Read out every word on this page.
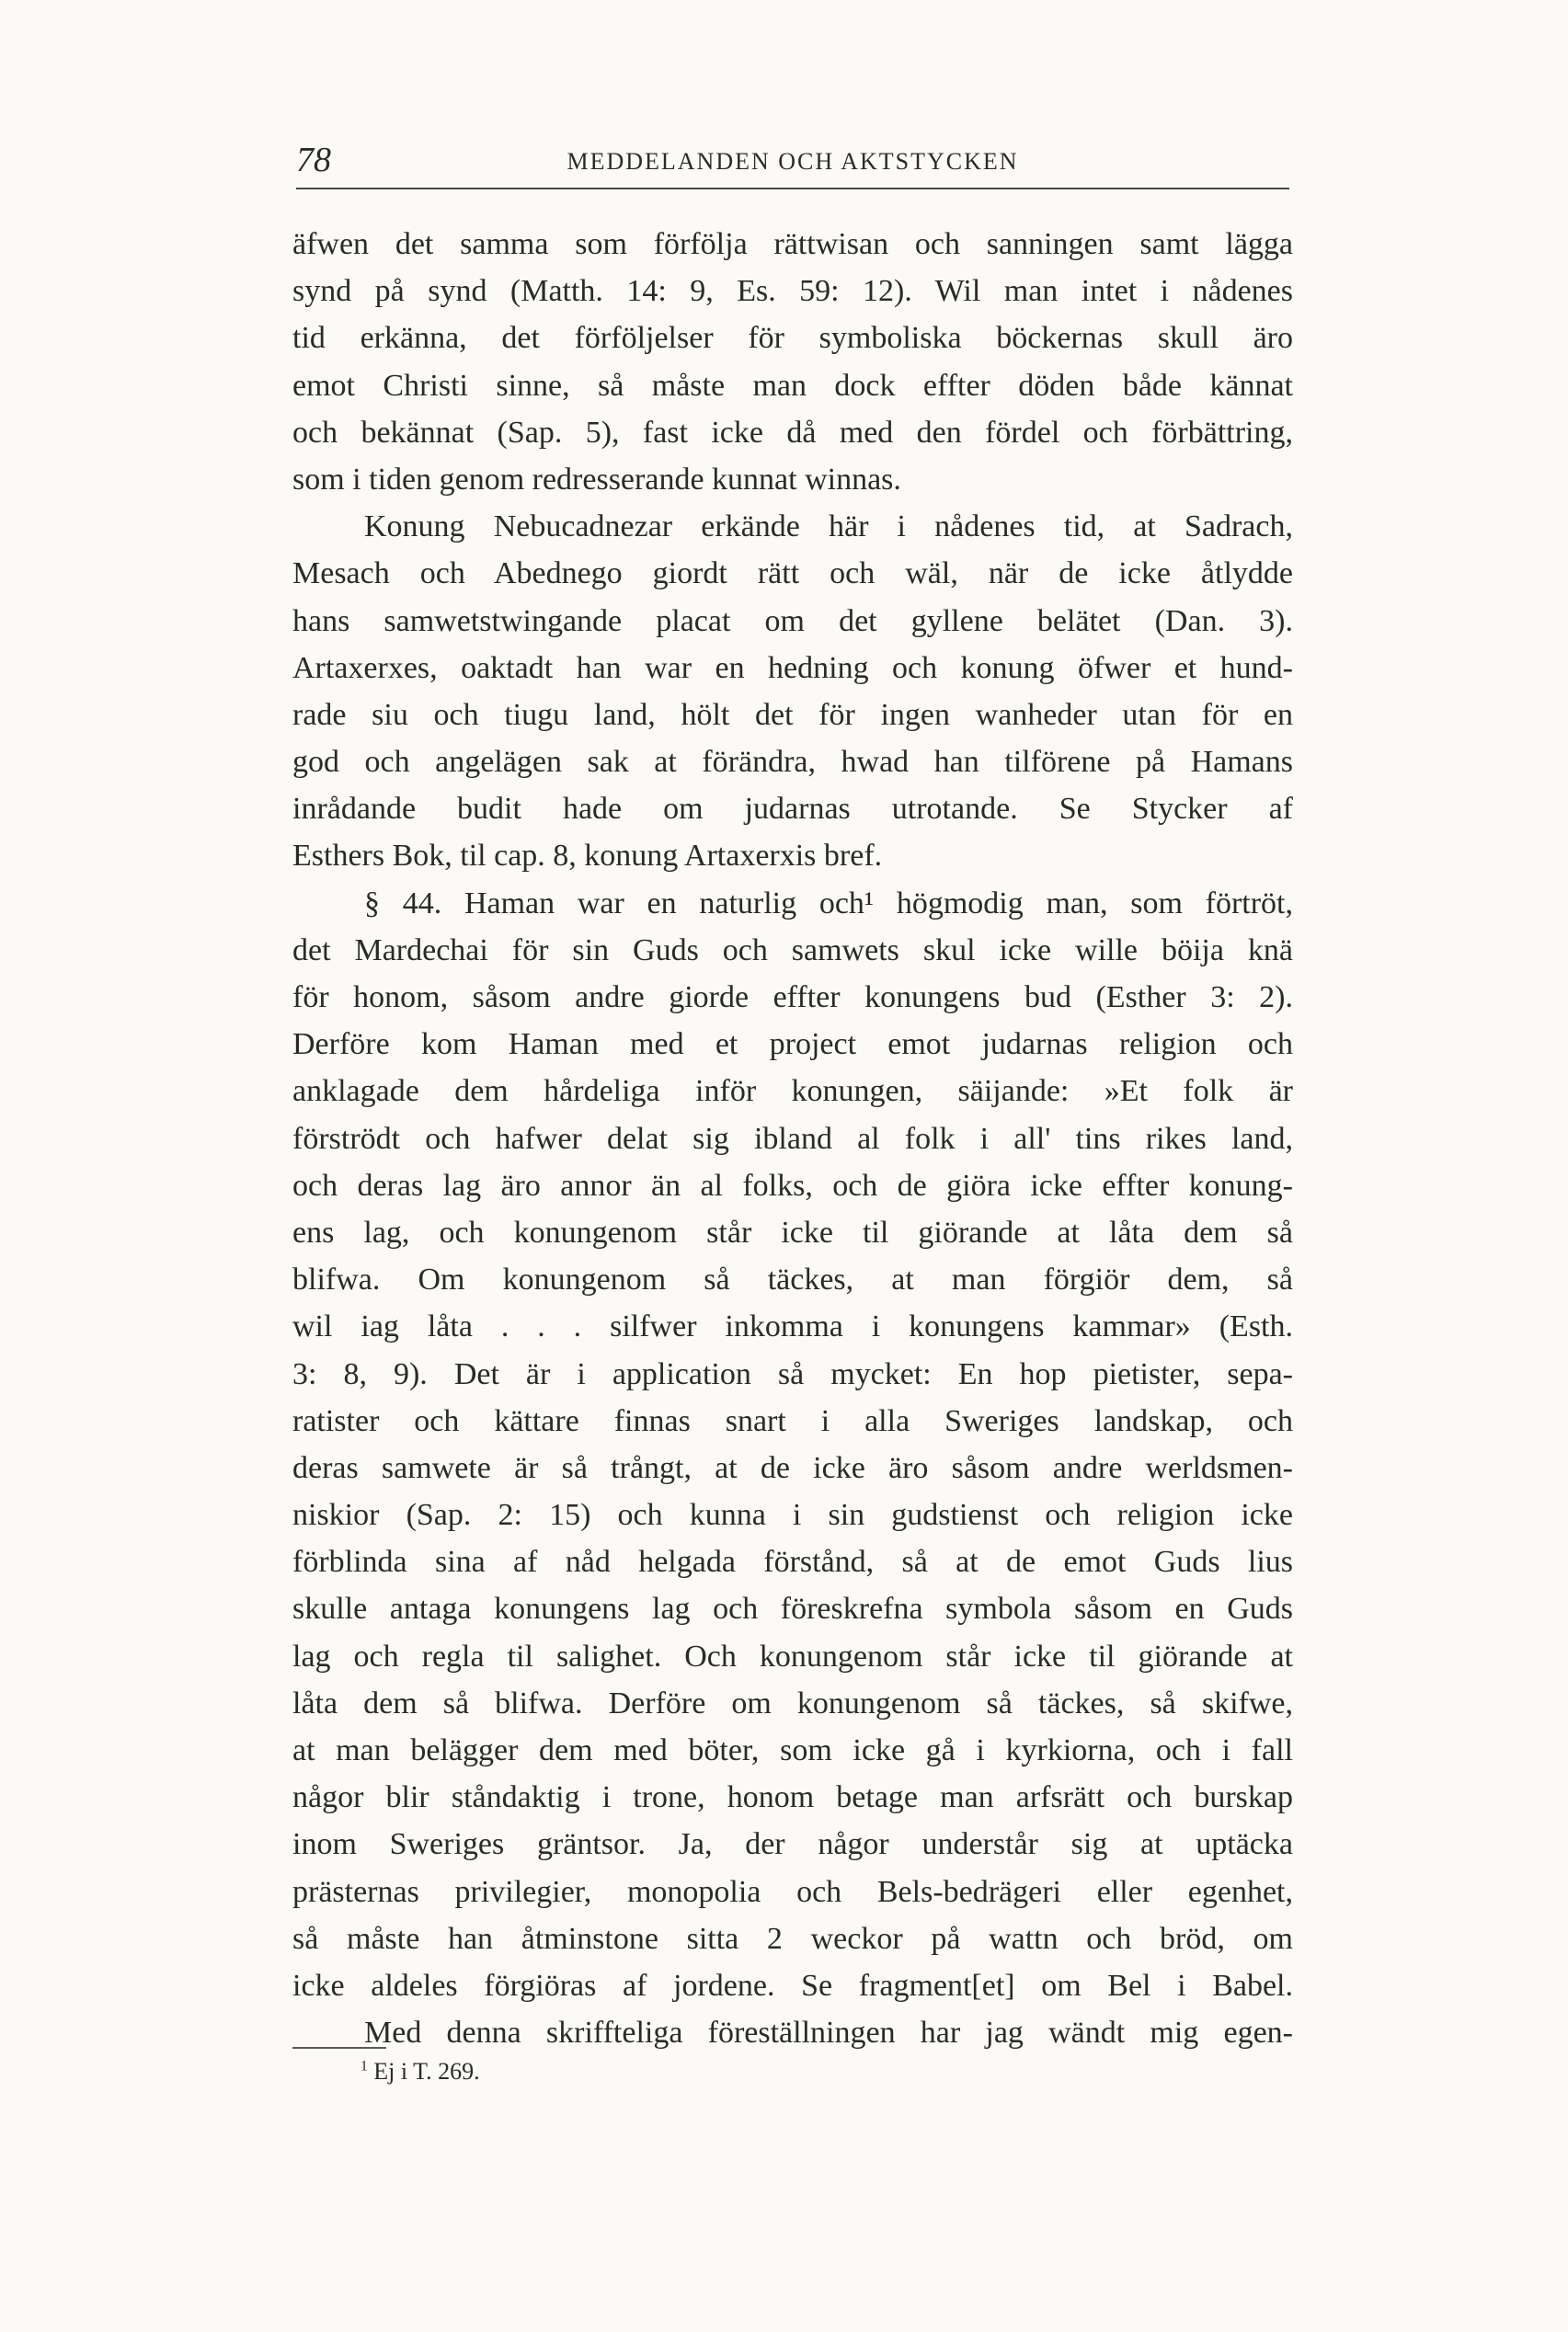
78	MEDDELANDEN OCH AKTSTYCKEN
äfwen det samma som förfölja rättwisan och sanningen samt lägga
synd på synd (Matth. 14: 9, Es. 59: 12). Wil man intet i nådenes
tid erkänna, det förföljelser för symboliska böckernas skull äro
emot Christi sinne, så måste man dock effter döden både kännat
och bekännat (Sap. 5), fast icke då med den fördel och förbättring,
som i tiden genom redresserande kunnat winnas.
Konung Nebucadnezar erkände här i nådenes tid, at Sadrach,
Mesach och Abednego giordt rätt och wäl, när de icke åtlydde
hans samwetstwingande placat om det gyllene belätet (Dan. 3).
Artaxerxes, oaktadt han war en hedning och konung öfwer et hund-
rade siu och tiugu land, hölt det för ingen wanheder utan för en
god och angelägen sak at förändra, hwad han tilförene på Hamans
inrådande budit hade om judarnas utrotande. Se Stycker af
Esthers Bok, til cap. 8, konung Artaxerxis bref.
§ 44. Haman war en naturlig och¹ högmodig man, som förtröt,
det Mardechai för sin Guds och samwets skul icke wille böija knä
för honom, såsom andre giorde effter konungens bud (Esther 3: 2).
Derföre kom Haman med et project emot judarnas religion och
anklagade dem hårdeliga inför konungen, säijande: »Et folk är
förströdt och hafwer delat sig ibland al folk i all' tins rikes land,
och deras lag äro annor än al folks, och de giöra icke effter konung-
ens lag, och konungenom står icke til giörande at låta dem så
blifwa. Om konungenom så täckes, at man förgiör dem, så
wil iag låta . . . silfwer inkomma i konungens kammar» (Esth.
3: 8, 9). Det är i application så mycket: En hop pietister, sepa-
ratister och kättare finnas snart i alla Sweriges landskap, och
deras samwete är så trångt, at de icke äro såsom andre werldsmen-
niskior (Sap. 2: 15) och kunna i sin gudstienst och religion icke
förblinda sina af nåd helgada förstånd, så at de emot Guds lius
skulle antaga konungens lag och föreskrefna symbola såsom en Guds
lag och regla til salighet. Och konungenom står icke til giörande at
låta dem så blifwa. Derföre om konungenom så täckes, så skifwe,
at man belägger dem med böter, som icke gå i kyrkiorna, och i fall
någor blir ståndaktig i trone, honom betage man arfsrätt och burskap
inom Sweriges gräntsor. Ja, der någor understår sig at uptäcka
prästernas privilegier, monopolia och Bels-bedrägeri eller egenhet,
så måste han åtminstone sitta 2 weckor på wattn och bröd, om
icke aldeles förgiöras af jordene. Se fragment[et] om Bel i Babel.
Med denna skriffteliga föreställningen har jag wändt mig egen-
$^1$ Ej i T. 269.
